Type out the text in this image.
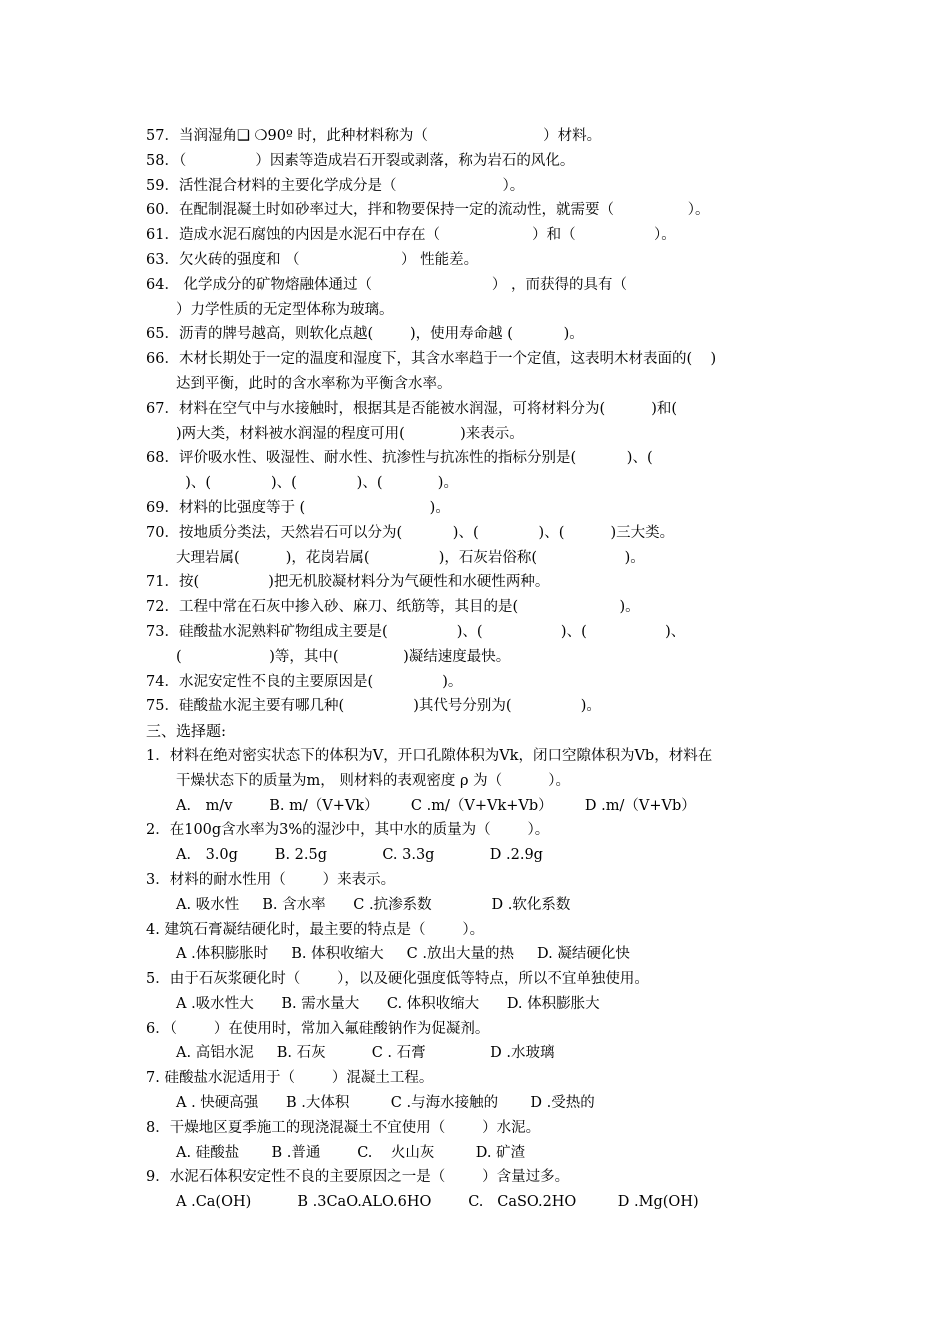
57．当润湿角❑ ❍90º 时，此种材料称为（                         ）材料。
58．（               ）因素等造成岩石开裂或剥落，称为岩石的风化。
59．活性混合材料的主要化学成分是（                       ）。
60．在配制混凝土时如砂率过大，拌和物要保持一定的流动性，就需要（                ）。
61．造成水泥石腐蚀的内因是水泥石中存在（                    ）和（                 ）。
63．欠火砖的强度和 （                      ） 性能差。
64． 化学成分的矿物熔融体通过（                          ） ，而获得的具有（
）力学性质的无定型体称为玻璃。
65．沥青的牌号越高，则软化点越(        )，使用寿命越 (           )。
66．木材长期处于一定的温度和湿度下，其含水率趋于一个定值，这表明木材表面的(    )
达到平衡，此时的含水率称为平衡含水率。
67．材料在空气中与水接触时，根据其是否能被水润湿，可将材料分为(          )和(
)两大类，材料被水润湿的程度可用(            )来表示。
68．评价吸水性、吸湿性、耐水性、抗渗性与抗冻性的指标分别是(           )、(
)、(             )、(             )、(            )。
69．材料的比强度等于 (                           )。
70．按地质分类法，天然岩石可以分为(           )、(             )、(          )三大类。
大理岩属(          )，花岗岩属(               )，石灰岩俗称(                   )。
71．按(               )把无机胶凝材料分为气硬性和水硬性两种。
72．工程中常在石灰中掺入砂、麻刀、纸筋等，其目的是(                      )。
73．硅酸盐水泥熟料矿物组成主要是(               )、(                 )、(                 )、
(                   )等，其中(              )凝结速度最快。
74．水泥安定性不良的主要原因是(               )。
75．硅酸盐水泥主要有哪几种(               )其代号分别为(               )。
三、选择题:
1．材料在绝对密实状态下的体积为V，开口孔隙体积为Vk，闭口空隙体积为Vb，材料在
干燥状态下的质量为m， 则材料的表观密度 ρ 为（          ）。
A． m/v        B. m/（V+Vk）       C .m/（V+Vk+Vb）       D .m/（V+Vb）
2．在100g含水率为3%的湿沙中，其中水的质量为（        ）。
A． 3.0g        B. 2.5g            C. 3.3g            D .2.9g
3．材料的耐水性用（        ）来表示。
A. 吸水性     B. 含水率      C .抗渗系数             D .软化系数
4. 建筑石膏凝结硬化时，最主要的特点是（        ）。
A .体积膨胀时     B. 体积收缩大     C .放出大量的热     D. 凝结硬化快
5．由于石灰浆硬化时（        ），以及硬化强度低等特点，所以不宜单独使用。
A .吸水性大      B. 需水量大      C. 体积收缩大      D. 体积膨胀大
6．（        ）在使用时，常加入氟硅酸钠作为促凝剂。
A. 高铝水泥     B. 石灰          C . 石膏              D .水玻璃
7. 硅酸盐水泥适用于（        ）混凝土工程。
A . 快硬高强      B .大体积         C .与海水接触的       D .受热的
8．干燥地区夏季施工的现浇混凝土不宜使用（        ）水泥。
A. 硅酸盐       B .普通        C.    火山灰         D. 矿渣
9．水泥石体积安定性不良的主要原因之一是（        ）含量过多。
A .Ca(OH)          B .3CaO.ALO.6HO        C.   CaSO.2HO         D .Mg(OH)
